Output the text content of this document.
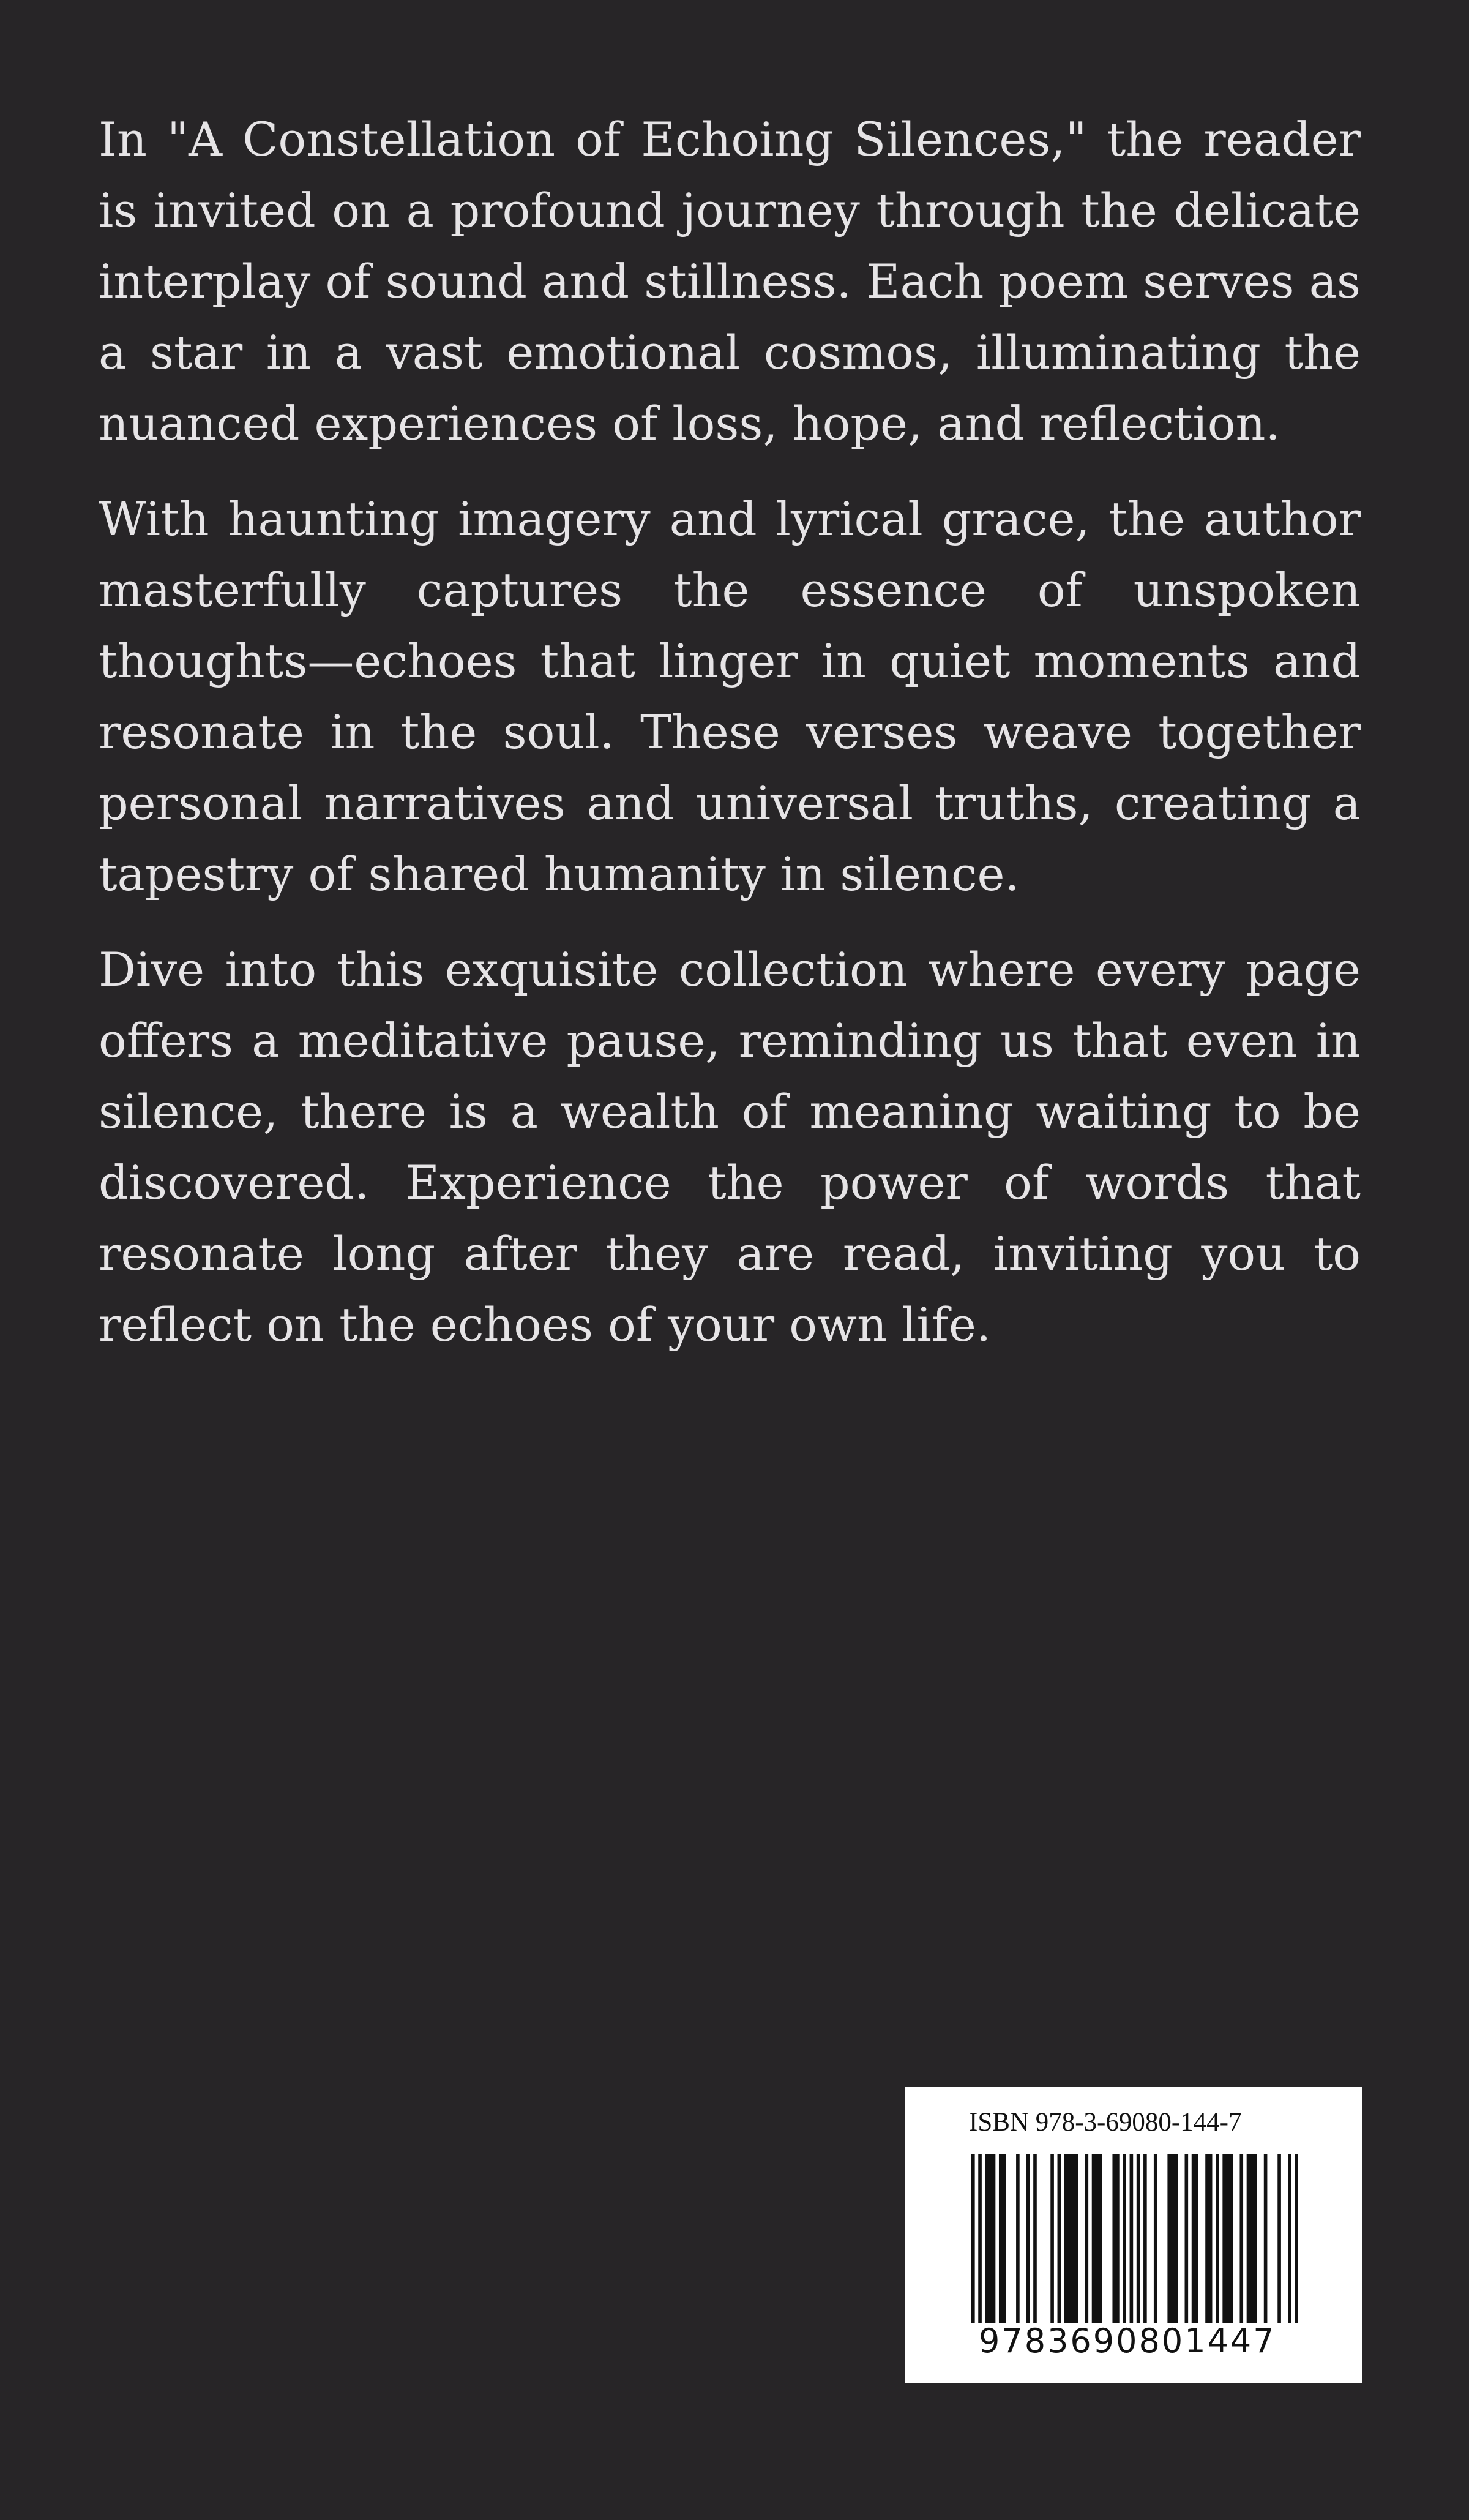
In "A Constellation of Echoing Silences," the reader is invited on a profound journey through the delicate interplay of sound and stillness. Each poem serves as a star in a vast emotional cosmos, illuminating the nuanced experiences of loss, hope, and reflection.

With haunting imagery and lyrical grace, the author masterfully captures the essence of unspoken thoughts—echoes that linger in quiet moments and resonate in the soul. These verses weave together personal narratives and universal truths, creating a tapestry of shared humanity in silence.

Dive into this exquisite collection where every page offers a meditative pause, reminding us that even in silence, there is a wealth of meaning waiting to be discovered. Experience the power of words that resonate long after they are read, inviting you to reflect on the echoes of your own life.

ISBN 978-3-69080-144-7
9783690801447
